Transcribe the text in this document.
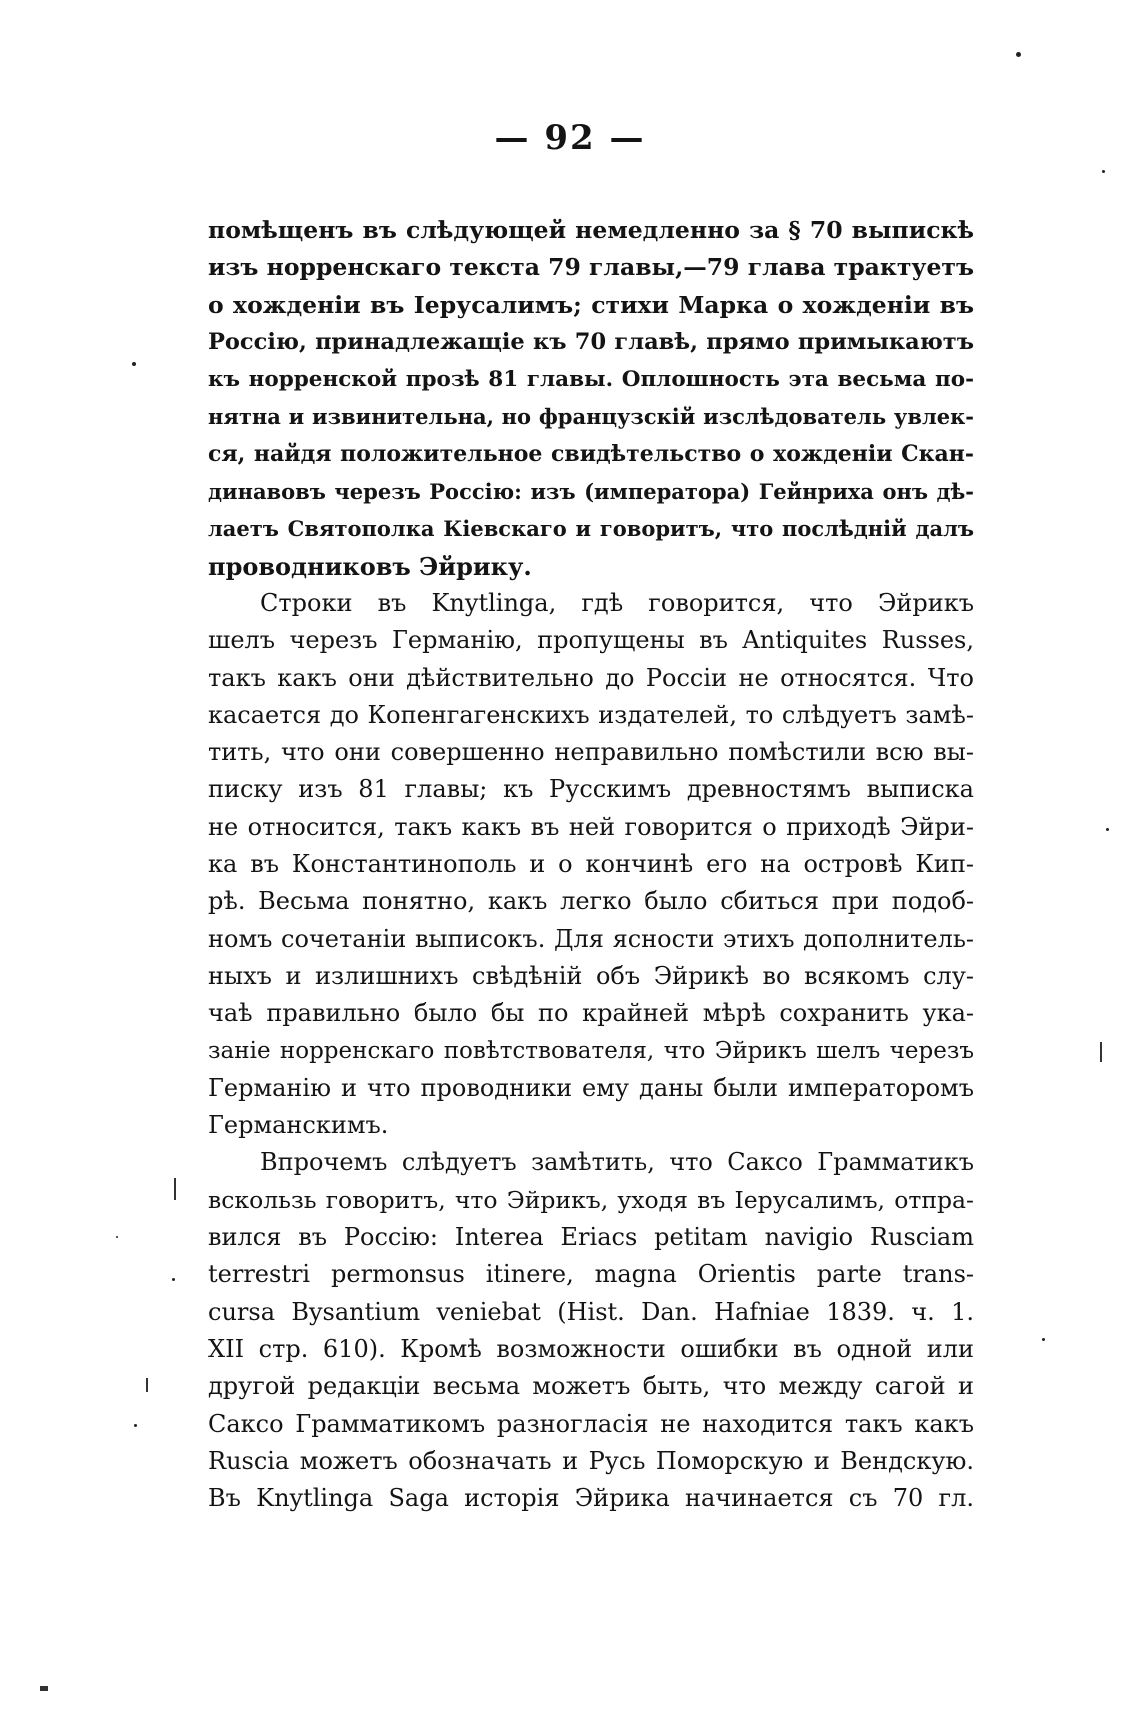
— 92 —
помѣщенъ въ слѣдующей немедленно за § 70 выпискѣ
изъ норренскаго текста 79 главы,—79 глава трактуетъ
о хожденіи въ Іерусалимъ; стихи Марка о хожденіи въ
Россію, принадлежащіе къ 70 главѣ, прямо примыкаютъ
къ норренской прозѣ 81 главы. Оплошность эта весьма по-
нятна и извинительна, но французскій изслѣдователь увлек-
ся, найдя положительное свидѣтельство о хожденіи Скан-
динавовъ черезъ Россію: изъ (императора) Гейнриха онъ дѣ-
лаетъ Святополка Кіевскаго и говоритъ, что послѣдній далъ
проводниковъ Эйрику.
Строки въ Knytlinga, гдѣ говорится, что Эйрикъ
шелъ черезъ Германію, пропущены въ Antiquites Russes,
такъ какъ они дѣйствительно до Россіи не относятся. Что
касается до Копенгагенскихъ издателей, то слѣдуетъ замѣ-
тить, что они совершенно неправильно помѣстили всю вы-
писку изъ 81 главы; къ Русскимъ древностямъ выписка
не относится, такъ какъ въ ней говорится о приходѣ Эйри-
ка въ Константинополь и о кончинѣ его на островѣ Кип-
рѣ. Весьма понятно, какъ легко было сбиться при подоб-
номъ сочетаніи выписокъ. Для ясности этихъ дополнитель-
ныхъ и излишнихъ свѣдѣній объ Эйрикѣ во всякомъ слу-
чаѣ правильно было бы по крайней мѣрѣ сохранить ука-
заніе норренскаго повѣтствователя, что Эйрикъ шелъ черезъ
Германію и что проводники ему даны были императоромъ
Германскимъ.
Впрочемъ слѣдуетъ замѣтить, что Саксо Грамматикъ
вскользь говоритъ, что Эйрикъ, уходя въ Іерусалимъ, отпра-
вился въ Россію: Interea Eriacs petitam navigio Rusciam
terrestri permonsus itinere, magna Orientis parte trans-
cursa Bysantium veniebat (Hist. Dan. Hafniae 1839. ч. 1.
XII стр. 610). Кромѣ возможности ошибки въ одной или
другой редакціи весьма можетъ быть, что между сагой и
Саксо Грамматикомъ разногласія не находится такъ какъ
Ruscia можетъ обозначать и Русь Поморскую и Вендскую.
Въ Knytlinga Saga исторія Эйрика начинается съ 70 гл.
